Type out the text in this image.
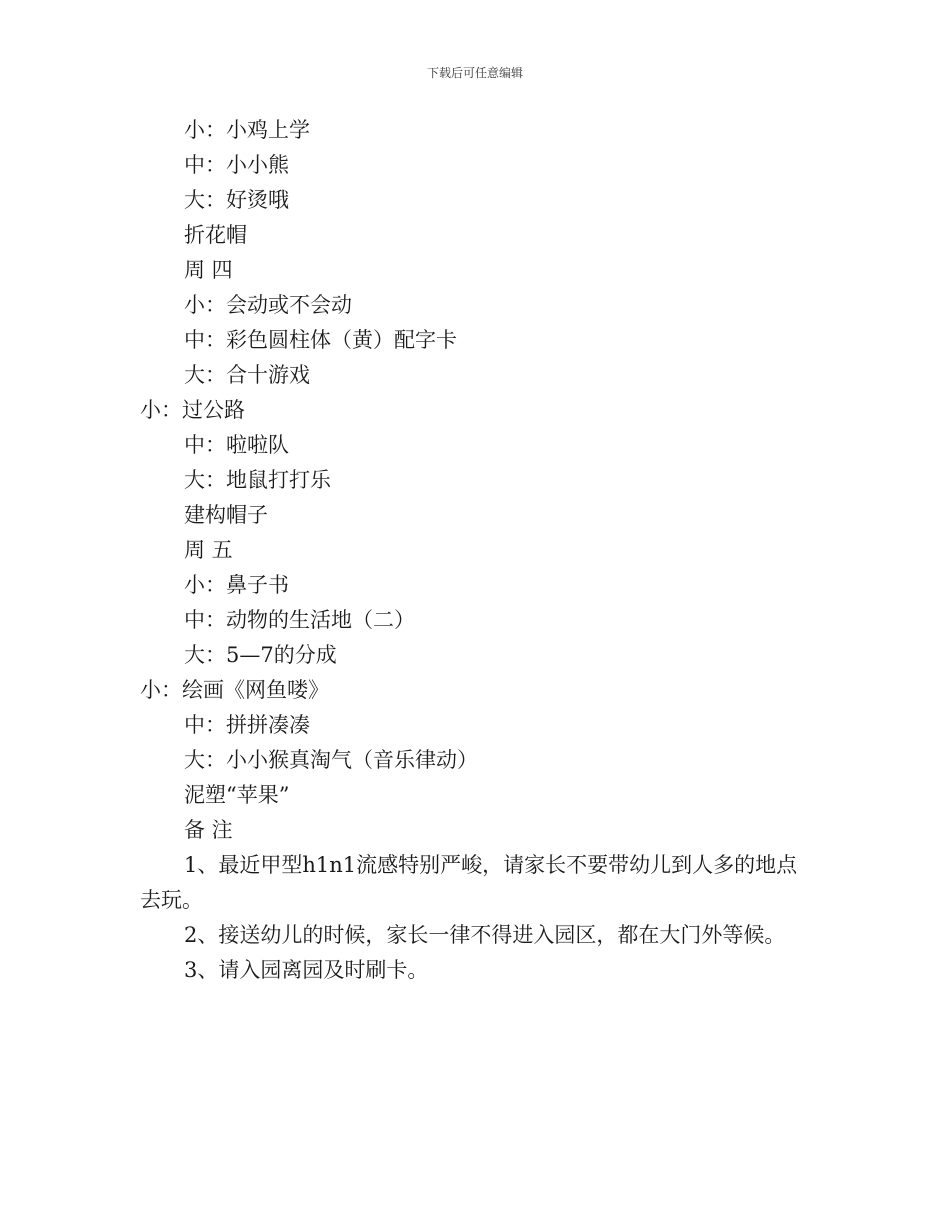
下载后可任意编辑
小：小鸡上学
中：小小熊
大：好烫哦
折花帽
周 四
小：会动或不会动
中：彩色圆柱体（黄）配字卡
大：合十游戏
小：过公路
中：啦啦队
大：地鼠打打乐
建构帽子
周 五
小：鼻子书
中：动物的生活地（二）
大：5—7的分成
小：绘画《网鱼喽》
中：拼拼凑凑
大：小小猴真淘气（音乐律动）
泥塑“苹果”
备 注
1、最近甲型h1n1流感特别严峻，请家长不要带幼儿到人多的地点去玩。
2、接送幼儿的时候，家长一律不得进入园区，都在大门外等候。
3、请入园离园及时刷卡。
